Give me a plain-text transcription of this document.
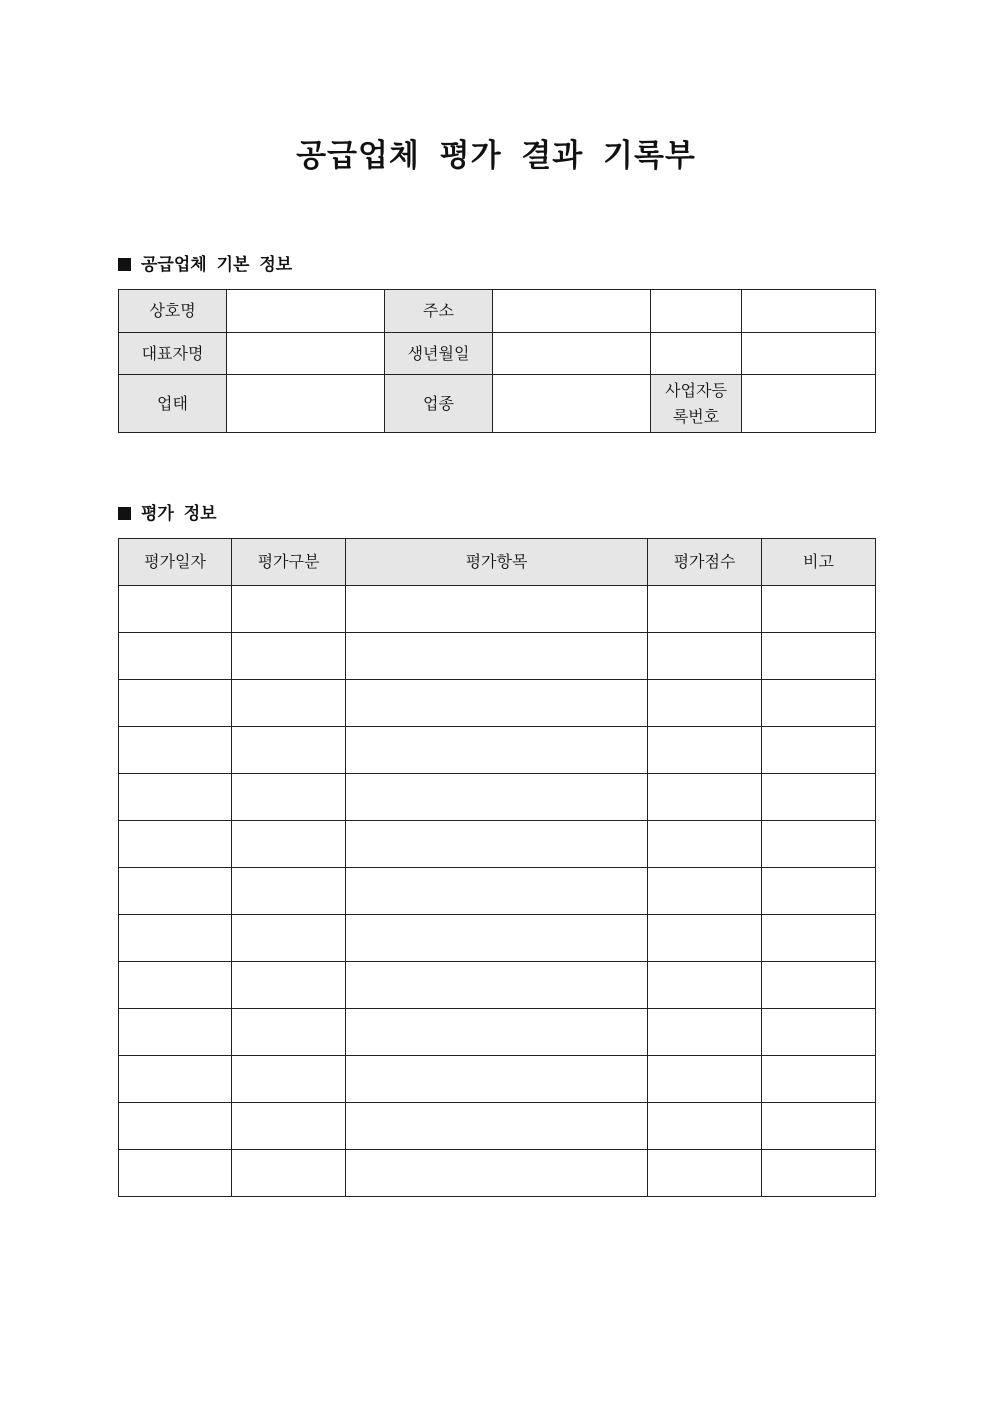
공급업체 평가 결과 기록부
공급업체 기본 정보
상호명		주소			
대표자명		생년월일			
업태		업종		사업자등록번호	
평가 정보
평가일자	평가구분	평가항목	평가점수	비고
